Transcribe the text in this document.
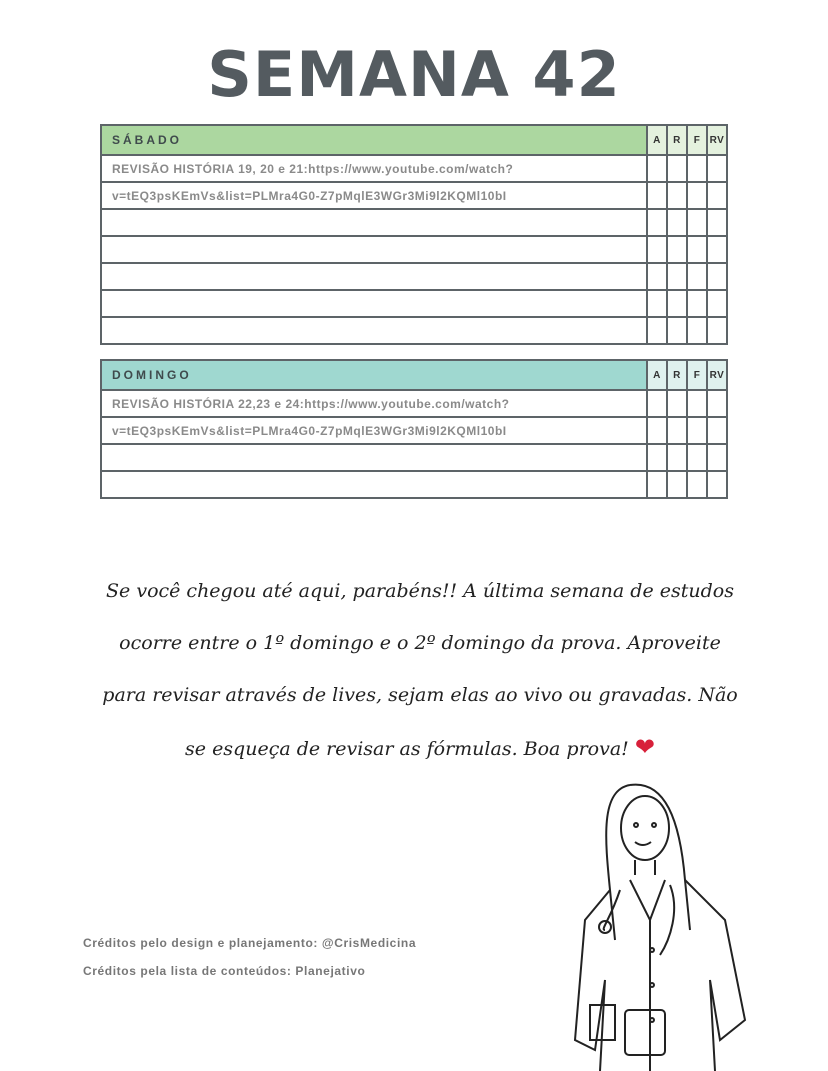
SEMANA 42
SÁBADO	A	R	F	RV
REVISÃO HISTÓRIA 19, 20 e 21:https://www.youtube.com/watch?				
v=tEQ3psKEmVs&list=PLMra4G0-Z7pMqlE3WGr3Mi9l2KQMl10bI				

DOMINGO	A	R	F	RV
REVISÃO HISTÓRIA 22,23 e 24:https://www.youtube.com/watch?				
v=tEQ3psKEmVs&list=PLMra4G0-Z7pMqlE3WGr3Mi9l2KQMl10bI				

Se você chegou até aqui, parabéns!! A última semana de estudos ocorre entre o 1º domingo e o 2º domingo da prova. Aproveite para revisar através de lives, sejam elas ao vivo ou gravadas. Não se esqueça de revisar as fórmulas. Boa prova! ❤
Créditos pelo design e planejamento: @CrisMedicina
Créditos pela lista de conteúdos: Planejativo
